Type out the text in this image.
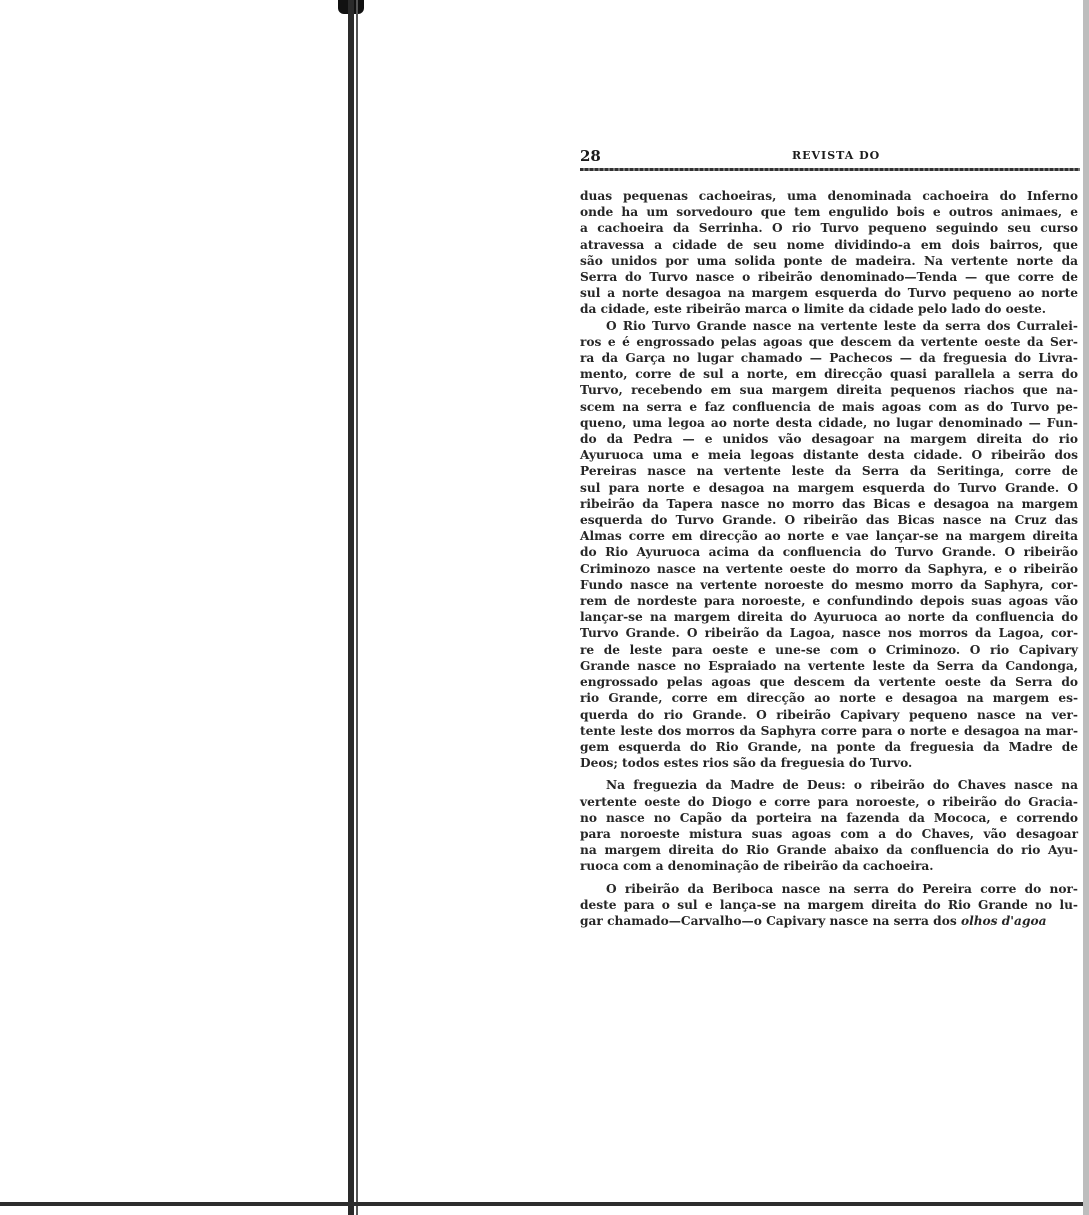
28	REVISTA DO

duas pequenas cachoeiras, uma denominada cachoeira do Inferno
onde ha um sorvedouro que tem engulido bois e outros animaes, e
a cachoeira da Serrinha. O rio Turvo pequeno seguindo seu curso
atravessa a cidade de seu nome dividindo-a em dois bairros, que
são unidos por uma solida ponte de madeira. Na vertente norte da
Serra do Turvo nasce o ribeirão denominado—Tenda — que corre de
sul a norte desagoa na margem esquerda do Turvo pequeno ao norte
da cidade, este ribeirão marca o limite da cidade pelo lado do oeste.

O Rio Turvo Grande nasce na vertente leste da serra dos Curralei-
ros e é engrossado pelas agoas que descem da vertente oeste da Ser-
ra da Garça no lugar chamado — Pachecos — da freguesia do Livra-
mento, corre de sul a norte, em direcção quasi parallela a serra do
Turvo, recebendo em sua margem direita pequenos riachos que na-
scem na serra e faz confluencia de mais agoas com as do Turvo pe-
queno, uma legoa ao norte desta cidade, no lugar denominado — Fun-
do da Pedra — e unidos vão desagoar na margem direita do rio
Ayuruoca uma e meia legoas distante desta cidade. O ribeirão dos
Pereiras nasce na vertente leste da Serra da Seritinga, corre de
sul para norte e desagoa na margem esquerda do Turvo Grande. O
ribeirão da Tapera nasce no morro das Bicas e desagoa na margem
esquerda do Turvo Grande. O ribeirão das Bicas nasce na Cruz das
Almas corre em direcção ao norte e vae lançar-se na margem direita
do Rio Ayuruoca acima da confluencia do Turvo Grande. O ribeirão
Criminozo nasce na vertente oeste do morro da Saphyra, e o ribeirão
Fundo nasce na vertente noroeste do mesmo morro da Saphyra, cor-
rem de nordeste para noroeste, e confundindo depois suas agoas vão
lançar-se na margem direita do Ayuruoca ao norte da confluencia do
Turvo Grande. O ribeirão da Lagoa, nasce nos morros da Lagoa, cor-
re de leste para oeste e une-se com o Criminozo. O rio Capivary
Grande nasce no Espraiado na vertente leste da Serra da Candonga,
engrossado pelas agoas que descem da vertente oeste da Serra do
rio Grande, corre em direcção ao norte e desagoa na margem es-
querda do rio Grande. O ribeirão Capivary pequeno nasce na ver-
tente leste dos morros da Saphyra corre para o norte e desagoa na mar-
gem esquerda do Rio Grande, na ponte da freguesia da Madre de
Deos; todos estes rios são da freguesia do Turvo.

Na freguezia da Madre de Deus: o ribeirão do Chaves nasce na
vertente oeste do Diogo e corre para noroeste, o ribeirão do Gracia-
no nasce no Capão da porteira na fazenda da Mococa, e correndo
para noroeste mistura suas agoas com a do Chaves, vão desagoar
na margem direita do Rio Grande abaixo da confluencia do rio Ayu-
ruoca com a denominação de ribeirão da cachoeira.

O ribeirão da Beriboca nasce na serra do Pereira corre do nor-
deste para o sul e lança-se na margem direita do Rio Grande no lu-
gar chamado—Carvalho—o Capivary nasce na serra dos olhos d'agoa
